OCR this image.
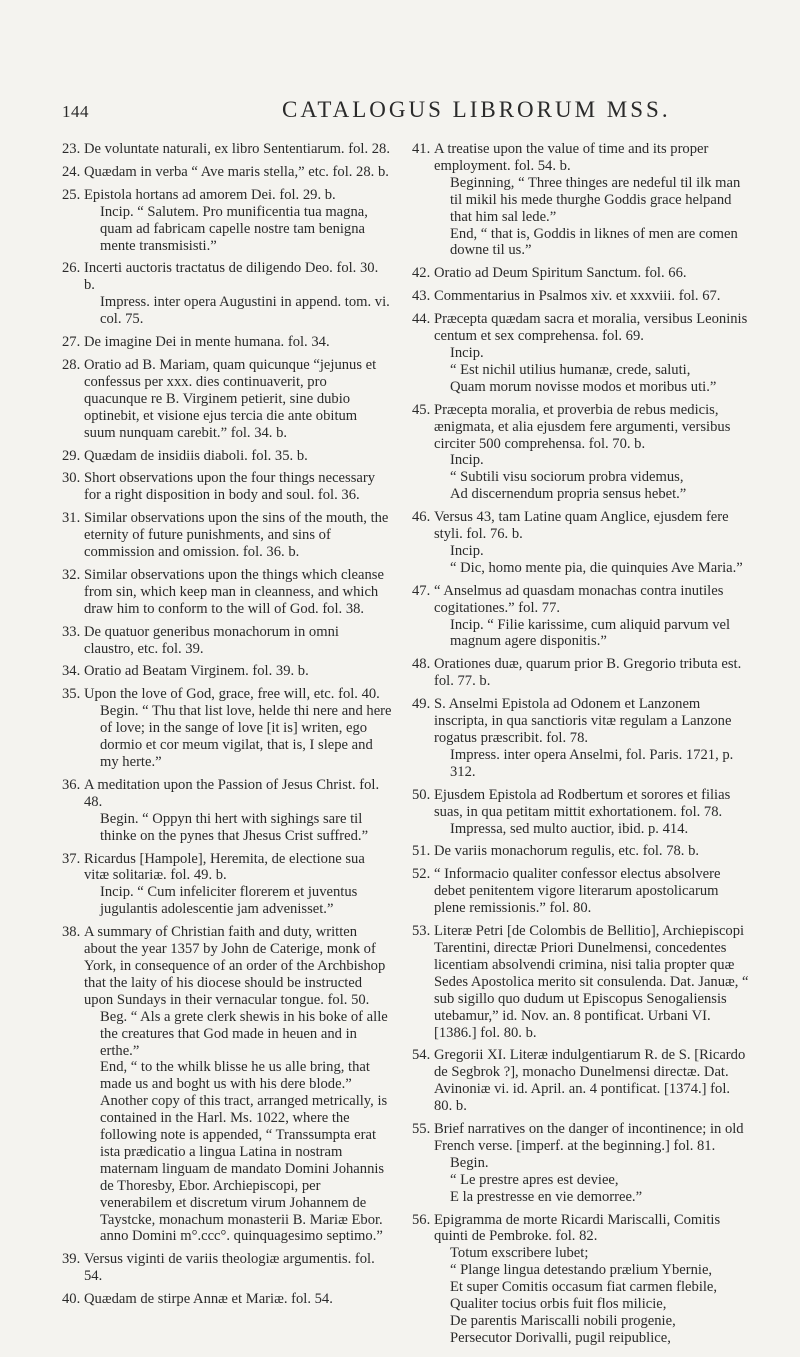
144	CATALOGUS LIBRORUM MSS.
23. De voluntate naturali, ex libro Sententiarum. fol. 28.
24. Quædam in verba “ Ave maris stella,” etc. fol. 28. b.
25. Epistola hortans ad amorem Dei. fol. 29. b.
Incip. “ Salutem. Pro munificentia tua magna, quam ad fabricam capelle nostre tam benigna mente transmisisti.”
26. Incerti auctoris tractatus de diligendo Deo. fol. 30. b.
Impress. inter opera Augustini in append. tom. vi. col. 75.
27. De imagine Dei in mente humana. fol. 34.
28. Oratio ad B. Mariam, quam quicunque “jejunus et confessus per xxx. dies continuaverit, pro quacunque re B. Virginem petierit, sine dubio optinebit, et visione ejus tercia die ante obitum suum nunquam carebit.” fol. 34. b.
29. Quædam de insidiis diaboli. fol. 35. b.
30. Short observations upon the four things necessary for a right disposition in body and soul. fol. 36.
31. Similar observations upon the sins of the mouth, the eternity of future punishments, and sins of commission and omission. fol. 36. b.
32. Similar observations upon the things which cleanse from sin, which keep man in cleanness, and which draw him to conform to the will of God. fol. 38.
33. De quatuor generibus monachorum in omni claustro, etc. fol. 39.
34. Oratio ad Beatam Virginem. fol. 39. b.
35. Upon the love of God, grace, free will, etc. fol. 40.
Begin. “ Thu that list love, helde thi nere and here of love; in the sange of love [it is] writen, ego dormio et cor meum vigilat, that is, I slepe and my herte.”
36. A meditation upon the Passion of Jesus Christ. fol. 48.
Begin. “ Oppyn thi hert with sighings sare til thinke on the pynes that Jhesus Crist suffred.”
37. Ricardus [Hampole], Heremita, de electione sua vitæ solitariæ. fol. 49. b.
Incip. “ Cum infeliciter florerem et juventus jugulantis adolescentie jam advenisset.”
38. A summary of Christian faith and duty, written about the year 1357 by John de Caterige, monk of York, in consequence of an order of the Archbishop that the laity of his diocese should be instructed upon Sundays in their vernacular tongue. fol. 50.
Beg. “ Als a grete clerk shewis in his boke of alle the creatures that God made in heuen and in erthe.”
End, “ to the whilk blisse he us alle bring, that made us and boght us with his dere blode.”
Another copy of this tract, arranged metrically, is contained in the Harl. Ms. 1022, where the following note is appended, “ Transsumpta erat ista prædicatio a lingua Latina in nostram maternam linguam de mandato Domini Johannis de Thoresby, Ebor. Archiepiscopi, per venerabilem et discretum virum Johannem de Taystcke, monachum monasterii B. Mariæ Ebor. anno Domini m°.ccc°. quinquagesimo septimo.”
39. Versus viginti de variis theologiæ argumentis. fol. 54.
40. Quædam de stirpe Annæ et Mariæ. fol. 54.
41. A treatise upon the value of time and its proper employment. fol. 54. b.
Beginning, “ Three thinges are nedeful til ilk man til mikil his mede thurghe Goddis grace helpand that him sal lede.”
End, “ that is, Goddis in liknes of men are comen downe til us.”
42. Oratio ad Deum Spiritum Sanctum. fol. 66.
43. Commentarius in Psalmos xiv. et xxxviii. fol. 67.
44. Præcepta quædam sacra et moralia, versibus Leoninis centum et sex comprehensa. fol. 69.
Incip.
“ Est nichil utilius humanæ, crede, saluti,
Quam morum novisse modos et moribus uti.”
45. Præcepta moralia, et proverbia de rebus medicis, ænigmata, et alia ejusdem fere argumenti, versibus circiter 500 comprehensa. fol. 70. b.
Incip.
“ Subtili visu sociorum probra videmus,
Ad discernendum propria sensus hebet.”
46. Versus 43, tam Latine quam Anglice, ejusdem fere styli. fol. 76. b.
Incip.
“ Dic, homo mente pia, die quinquies Ave Maria.”
47. “ Anselmus ad quasdam monachas contra inutiles cogitationes.” fol. 77.
Incip. “ Filie karissime, cum aliquid parvum vel magnum agere disponitis.”
48. Orationes duæ, quarum prior B. Gregorio tributa est. fol. 77. b.
49. S. Anselmi Epistola ad Odonem et Lanzonem inscripta, in qua sanctioris vitæ regulam a Lanzone rogatus præscribit. fol. 78.
Impress. inter opera Anselmi, fol. Paris. 1721, p. 312.
50. Ejusdem Epistola ad Rodbertum et sorores et filias suas, in qua petitam mittit exhortationem. fol. 78.
Impressa, sed multo auctior, ibid. p. 414.
51. De variis monachorum regulis, etc. fol. 78. b.
52. “ Informacio qualiter confessor electus absolvere debet penitentem vigore literarum apostolicarum plene remissionis.” fol. 80.
53. Literæ Petri [de Colombis de Bellitio], Archiepiscopi Tarentini, directæ Priori Dunelmensi, concedentes licentiam absolvendi crimina, nisi talia propter quæ Sedes Apostolica merito sit consulenda. Dat. Januæ, “ sub sigillo quo dudum ut Episcopus Senogaliensis utebamur,” id. Nov. an. 8 pontificat. Urbani VI. [1386.] fol. 80. b.
54. Gregorii XI. Literæ indulgentiarum R. de S. [Ricardo de Segbrok ?], monacho Dunelmensi directæ. Dat. Avinoniæ vi. id. April. an. 4 pontificat. [1374.] fol. 80. b.
55. Brief narratives on the danger of incontinence; in old French verse. [imperf. at the beginning.] fol. 81.
Begin.
“ Le prestre apres est deviee,
E la prestresse en vie demorree.”
56. Epigramma de morte Ricardi Mariscalli, Comitis quinti de Pembroke. fol. 82.
Totum exscribere lubet;
“ Plange lingua detestando prælium Ybernie,
Et super Comitis occasum fiat carmen flebile,
Qualiter tocius orbis fuit flos milicie,
De parentis Mariscalli nobili progenie,
Persecutor Dorivalli, pugil reipublice,
